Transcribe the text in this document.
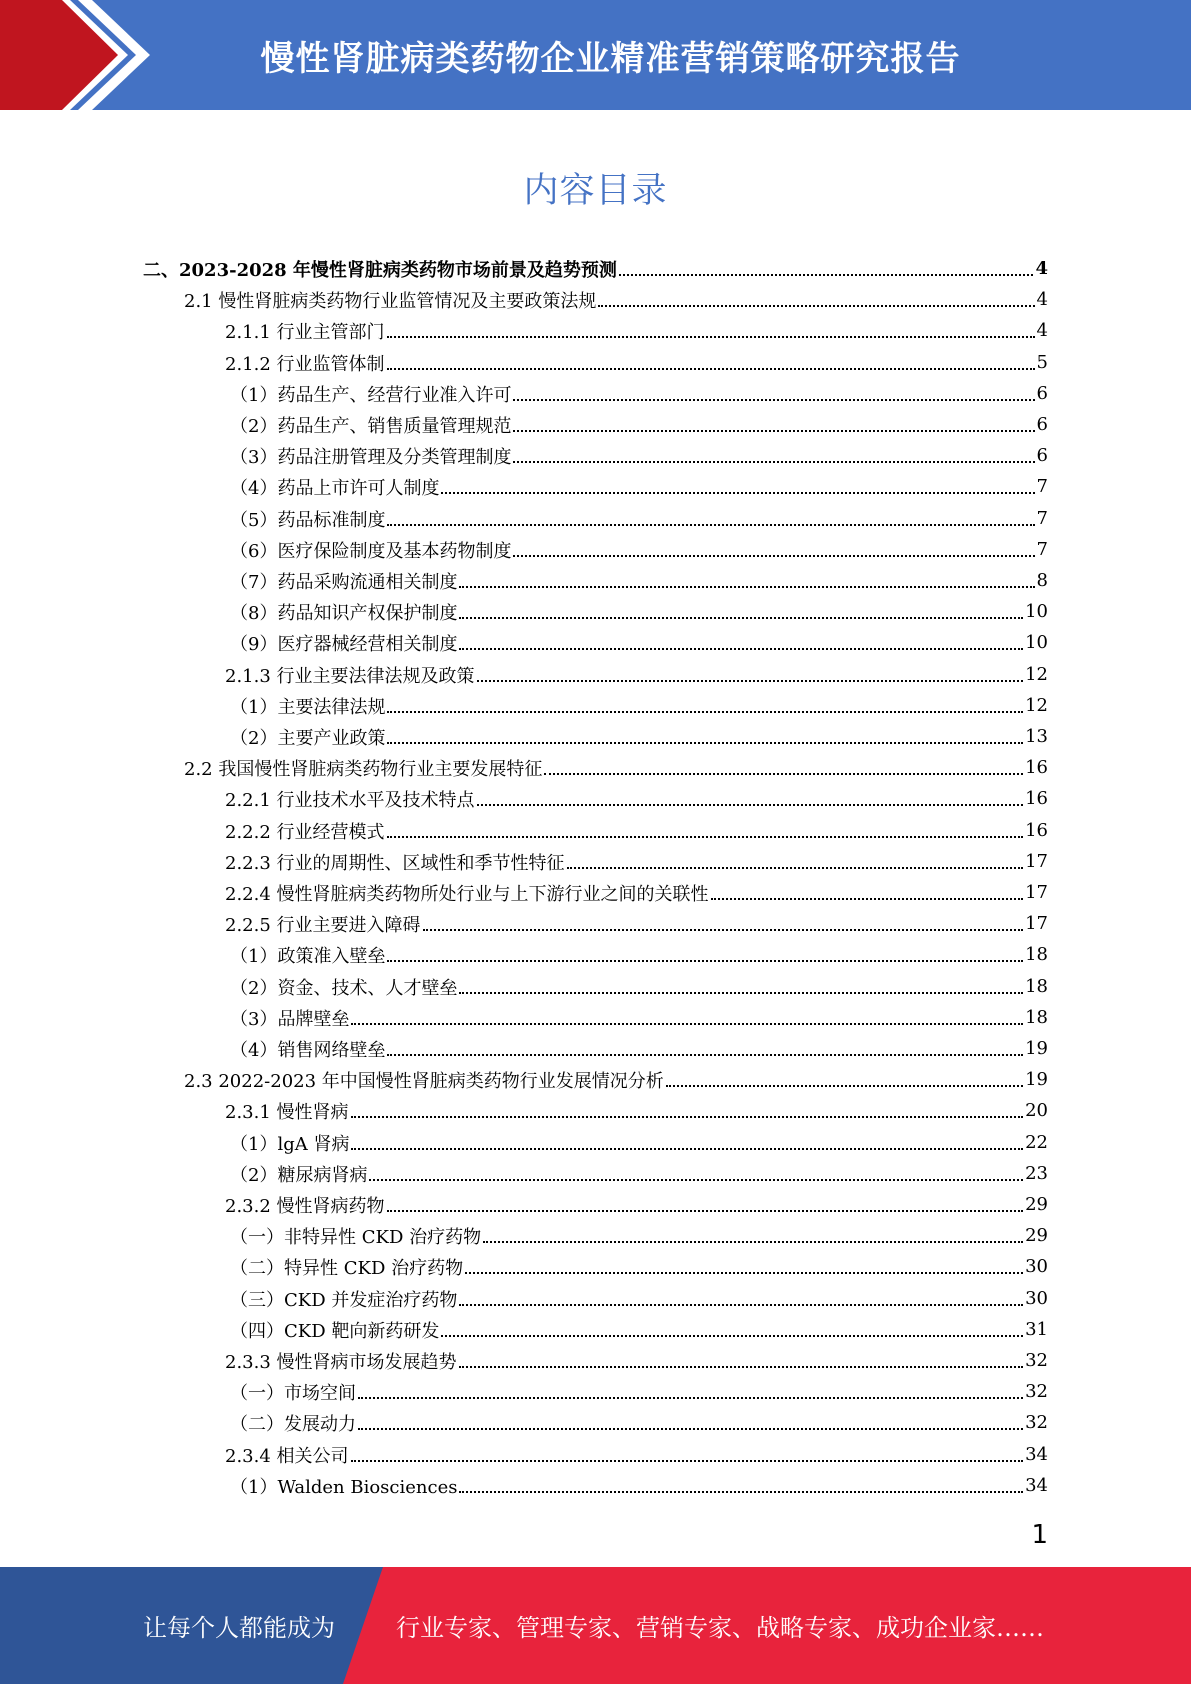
慢性肾脏病类药物企业精准营销策略研究报告
内容目录
二、2023-2028 年慢性肾脏病类药物市场前景及趋势预测	4
2.1 慢性肾脏病类药物行业监管情况及主要政策法规	4
2.1.1 行业主管部门	4
2.1.2 行业监管体制	5
（1）药品生产、经营行业准入许可	6
（2）药品生产、销售质量管理规范	6
（3）药品注册管理及分类管理制度	6
（4）药品上市许可人制度	7
（5）药品标准制度	7
（6）医疗保险制度及基本药物制度	7
（7）药品采购流通相关制度	8
（8）药品知识产权保护制度	10
（9）医疗器械经营相关制度	10
2.1.3 行业主要法律法规及政策	12
（1）主要法律法规	12
（2）主要产业政策	13
2.2 我国慢性肾脏病类药物行业主要发展特征	16
2.2.1 行业技术水平及技术特点	16
2.2.2 行业经营模式	16
2.2.3 行业的周期性、区域性和季节性特征	17
2.2.4 慢性肾脏病类药物所处行业与上下游行业之间的关联性	17
2.2.5 行业主要进入障碍	17
（1）政策准入壁垒	18
（2）资金、技术、人才壁垒	18
（3）品牌壁垒	18
（4）销售网络壁垒	19
2.3 2022-2023 年中国慢性肾脏病类药物行业发展情况分析	19
2.3.1 慢性肾病	20
（1）lgA 肾病	22
（2）糖尿病肾病	23
2.3.2 慢性肾病药物	29
（一）非特异性 CKD 治疗药物	29
（二）特异性 CKD 治疗药物	30
（三）CKD 并发症治疗药物	30
（四）CKD 靶向新药研发	31
2.3.3 慢性肾病市场发展趋势	32
（一）市场空间	32
（二）发展动力	32
2.3.4 相关公司	34
（1）Walden Biosciences	34
1
让每个人都能成为	行业专家、管理专家、营销专家、战略专家、成功企业家……
